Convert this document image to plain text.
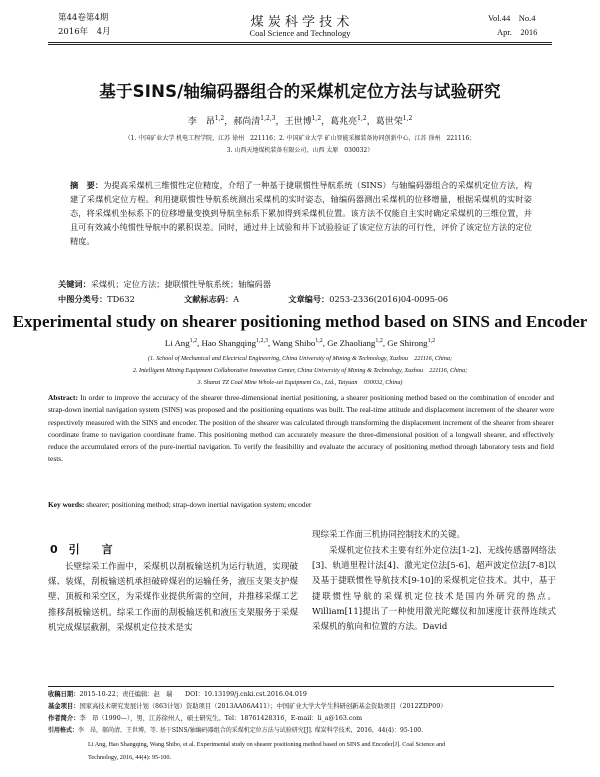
第44卷第4期
2016年　4月
煤 炭 科 学 技 术
Coal Science and Technology
Vol.44　No.4
Apr.　2016
基于SINS/轴编码器组合的采煤机定位方法与试验研究
李　昂$^{1,2}$，郝尚清$^{1,2,3}$，王世博$^{1,2}$，葛兆亮$^{1,2}$，葛世荣$^{1,2}$
（1. 中国矿业大学 机电工程学院，江苏 徐州　221116；2. 中国矿业大学 矿山智能采掘装备协同创新中心，江苏 徐州　221116；
3. 山西天地煤机装备有限公司，山西 太原　030032）
摘　要：为提高采煤机三维惯性定位精度，介绍了一种基于捷联惯性导航系统（SINS）与轴编码器组合的采煤机定位方法，构建了采煤机定位方程。利用捷联惯性导航系统测出采煤机的实时姿态，轴编码器测出采煤机的位移增量，根据采煤机的实时姿态，将采煤机坐标系下的位移增量变换到导航坐标系下累加得到采煤机位置。该方法不仅能自主实时确定采煤机的三维位置，并且可有效减小纯惯性导航中的累积误差。同时，通过井上试验和井下试验验证了该定位方法的可行性，评价了该定位方法的定位精度。
关键词：采煤机；定位方法；捷联惯性导航系统；轴编码器
中图分类号：TD632	文献标志码：A	文章编号：0253-2336(2016)04-0095-06
Experimental study on shearer positioning method based on SINS and Encoder
Li Ang$^{1,2}$, Hao Shangqing$^{1,2,3}$, Wang Shibo$^{1,2}$, Ge Zhaoliang$^{1,2}$, Ge Shirong$^{1,2}$
(1. School of Mechanical and Electrical Engineering, China University of Mining & Technology, Xuzhou　221116, China;
2. Intelligent Mining Equipment Collaborative Innovation Center, China University of Mining & Technology, Xuzhou　221116, China;
3. Shanxi TZ Coal Mine Whole-set Equipment Co., Ltd., Taiyuan　030032, China)
Abstract: In order to improve the accuracy of the shearer three-dimensional inertial positioning, a shearer positioning method based on the combination of encoder and strap-down inertial navigation system (SINS) was proposed and the positioning equations was built. The real-time attitude and displacement increment of the shearer were respectively measured with the SINS and encoder. The position of the shearer was calculated through transforming the displacement increment of the shearer from shearer coordinate frame to navigation coordinate frame. This positioning method can accurately measure the three-dimensional position of a longwall shearer, and effectively reduce the accumulated errors of the pure-inertial navigation. To verify the feasibility and evaluate the accuracy of positioning method through laboratory tests and field tests.
Key words: shearer; positioning method; strap-down inertial navigation system; encoder
0　引　　言
长壁综采工作面中，采煤机以刮板输送机为运行轨道，实现破煤、装煤，刮板输送机承担破碎煤岩的运输任务，液压支架支护煤壁、顶板和采空区，为采煤作业提供所需的空间，并推移采煤工艺推移刮板输送机。综采工作面的刮板输送机和液压支架服务于采煤机完成煤层截割，采煤机定位技术是实
现综采工作面三机协同控制技术的关键。
采煤机定位技术主要有红外定位法[1-2]、无线传感器网络法[3]、轨道里程计法[4]、激光定位法[5-6]、超声波定位法[7-8]以及基于捷联惯性导航技术[9-10]的采煤机定位技术。其中，基于捷联惯性导航的采煤机定位技术是国内外研究的热点。William[11]提出了一种使用激光陀螺仪和加速度计获得连续式采煤机的航向和位置的方法。David
收稿日期：2015-10-22；责任编辑：赵　瑞　　DOI：10.13199/j.cnki.cst.2016.04.019
基金项目：国家高技术研究发展计划（863计划）资助项目（2013AA06A411）；中国矿业大学大学生科研创新基金资助项目（2012ZDP09）
作者简介：李　昂（1990—），男，江苏徐州人，硕士研究生。Tel：18761428316，E-mail：li_a@163.com
引用格式：李　昂，郝尚清，王世博，等. 基于SINS/轴编码器组合的采煤机定位方法与试验研究[J]. 煤炭科学技术，2016，44(4)：95-100.
Li Ang, Hao Shangqing, Wang Shibo, et al. Experimental study on shearer positioning method based on SINS and Encoder[J]. Coal Science and
Technology, 2016, 44(4): 95-100.
